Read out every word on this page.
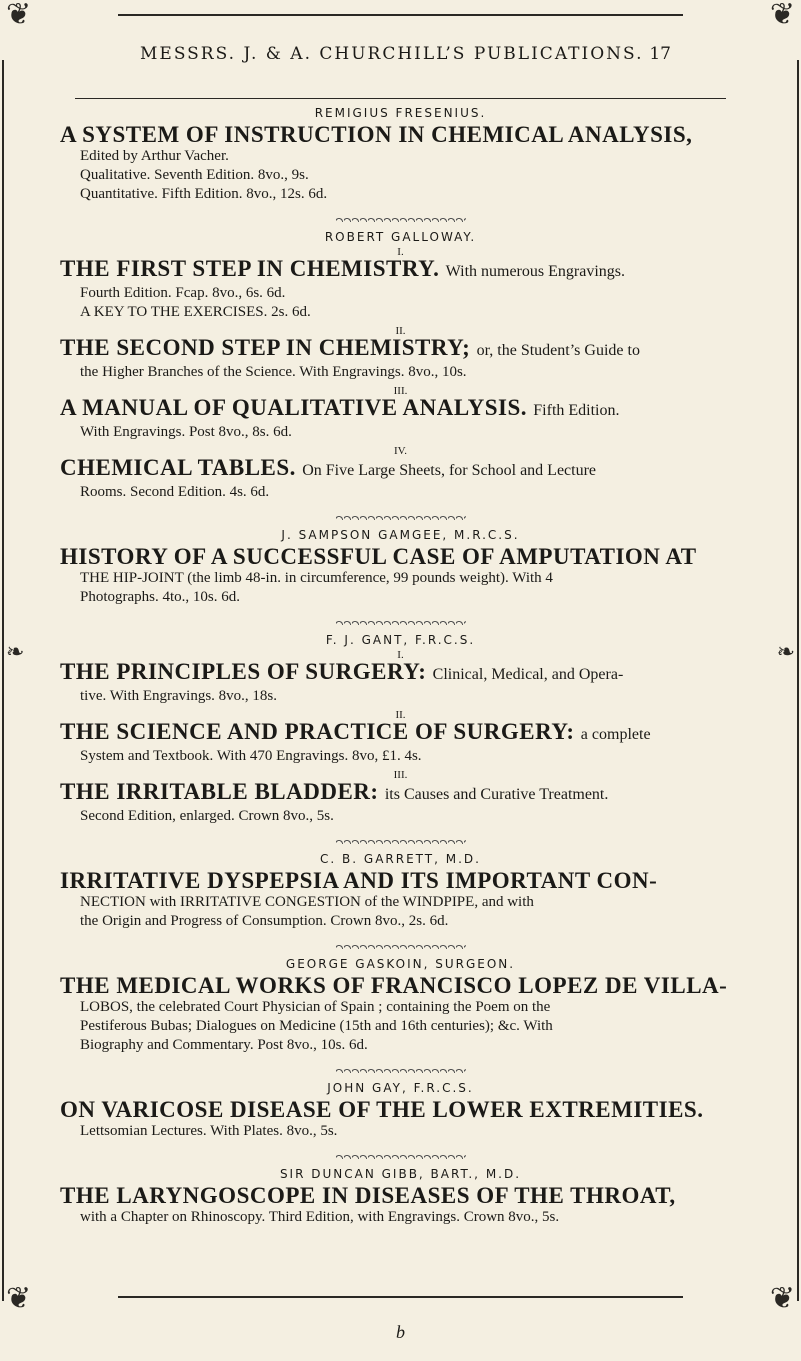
❦	❦
❧	❧
MESSRS. J. & A. CHURCHILL’S PUBLICATIONS. 17

REMIGIUS FRESENIUS.

A SYSTEM OF INSTRUCTION IN CHEMICAL ANALYSIS,

Edited by Arthur Vacher.

Qualitative. Seventh Edition. 8vo., 9s.

Quantitative. Fifth Edition. 8vo., 12s. 6d.

ROBERT GALLOWAY.

I.

THE FIRST STEP IN CHEMISTRY. With numerous Engravings.

Fourth Edition. Fcap. 8vo., 6s. 6d.

A KEY TO THE EXERCISES. 2s. 6d.

II.

THE SECOND STEP IN CHEMISTRY; or, the Student’s Guide to

the Higher Branches of the Science. With Engravings. 8vo., 10s.

III.

A MANUAL OF QUALITATIVE ANALYSIS. Fifth Edition.

With Engravings. Post 8vo., 8s. 6d.

IV.

CHEMICAL TABLES. On Five Large Sheets, for School and Lecture

Rooms. Second Edition. 4s. 6d.

J. SAMPSON GAMGEE, M.R.C.S.

HISTORY OF A SUCCESSFUL CASE OF AMPUTATION AT

THE HIP-JOINT (the limb 48-in. in circumference, 99 pounds weight). With 4

Photographs. 4to., 10s. 6d.

F. J. GANT, F.R.C.S.

I.

THE PRINCIPLES OF SURGERY: Clinical, Medical, and Opera-

tive. With Engravings. 8vo., 18s.

II.

THE SCIENCE AND PRACTICE OF SURGERY: a complete

System and Textbook. With 470 Engravings. 8vo, £1. 4s.

III.

THE IRRITABLE BLADDER: its Causes and Curative Treatment.

Second Edition, enlarged. Crown 8vo., 5s.

C. B. GARRETT, M.D.

IRRITATIVE DYSPEPSIA AND ITS IMPORTANT CON-

NECTION with IRRITATIVE CONGESTION of the WINDPIPE, and with

the Origin and Progress of Consumption. Crown 8vo., 2s. 6d.

GEORGE GASKOIN, SURGEON.

THE MEDICAL WORKS OF FRANCISCO LOPEZ DE VILLA-

LOBOS, the celebrated Court Physician of Spain ; containing the Poem on the

Pestiferous Bubas; Dialogues on Medicine (15th and 16th centuries); &c. With

Biography and Commentary. Post 8vo., 10s. 6d.

JOHN GAY, F.R.C.S.

ON VARICOSE DISEASE OF THE LOWER EXTREMITIES.

Lettsomian Lectures. With Plates. 8vo., 5s.

SIR DUNCAN GIBB, BART., M.D.

THE LARYNGOSCOPE IN DISEASES OF THE THROAT,

with a Chapter on Rhinoscopy. Third Edition, with Engravings. Crown 8vo., 5s.

❦	❦
b
